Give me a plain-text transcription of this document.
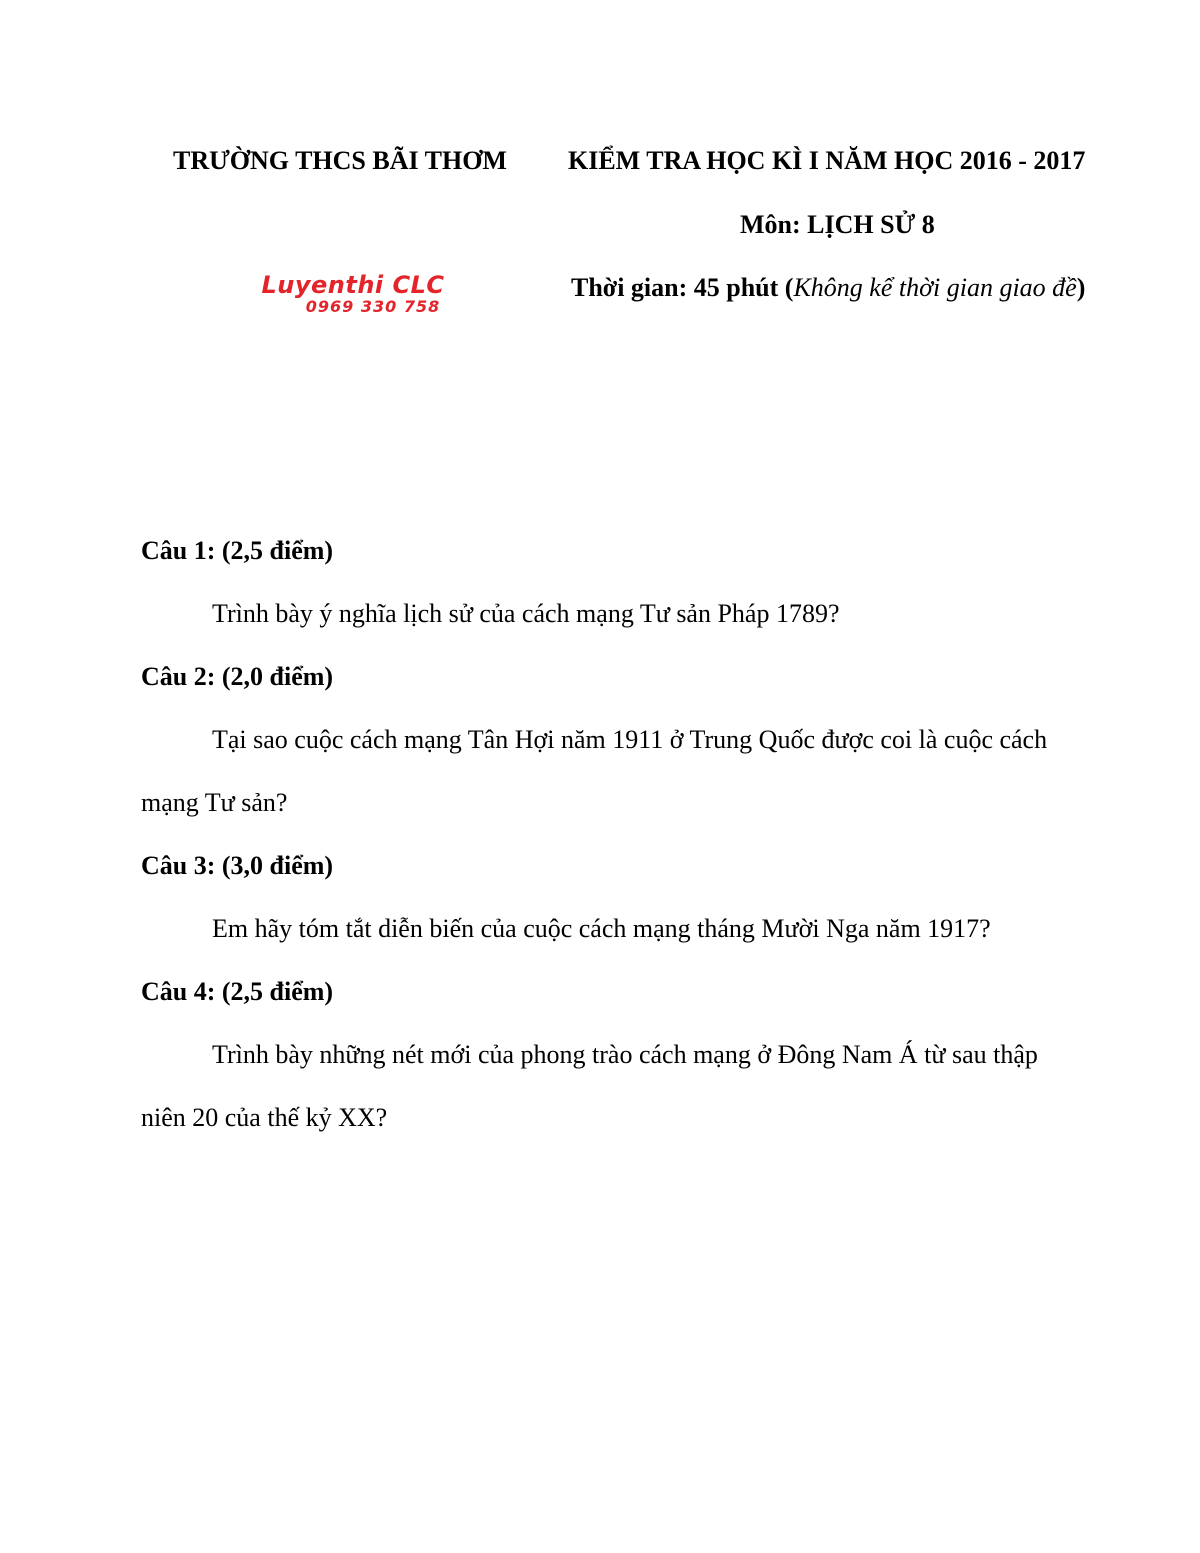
TRƯỜNG THCS BÃI THƠM KIỂM TRA HỌC KÌ I NĂM HỌC 2016 - 2017
Môn: LỊCH SỬ 8
Thời gian: 45 phút (Không kể thời gian giao đề)
Luyenthi CLC
0969 330 758
Câu 1: (2,5 điểm)
Trình bày ý nghĩa lịch sử của cách mạng Tư sản Pháp 1789?
Câu 2: (2,0 điểm)
Tại sao cuộc cách mạng Tân Hợi năm 1911 ở Trung Quốc được coi là cuộc cách
mạng Tư sản?
Câu 3: (3,0 điểm)
Em hãy tóm tắt diễn biến của cuộc cách mạng tháng Mười Nga năm 1917?
Câu 4: (2,5 điểm)
Trình bày những nét mới của phong trào cách mạng ở Đông Nam Á từ sau thập
niên 20 của thế kỷ XX?
